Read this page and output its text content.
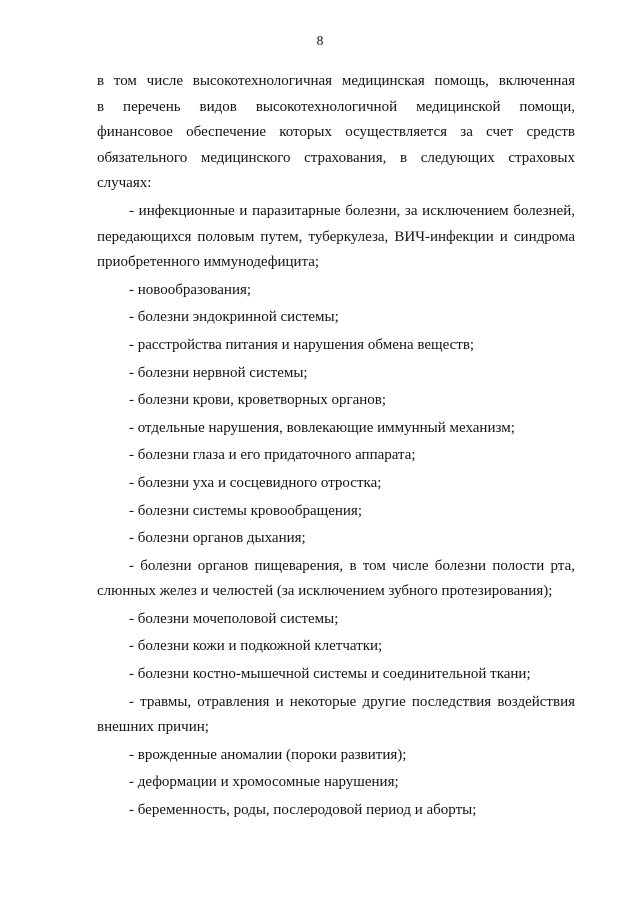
8

в том числе высокотехнологичная медицинская помощь, включенная

в перечень видов высокотехнологичной медицинской помощи,

финансовое обеспечение которых осуществляется за счет средств

обязательного медицинского страхования, в следующих страховых

случаях:

- инфекционные и паразитарные болезни, за исключением болезней, передающихся половым путем, туберкулеза, ВИЧ-инфекции и синдрома приобретенного иммунодефицита;

- новообразования;

- болезни эндокринной системы;

- расстройства питания и нарушения обмена веществ;

- болезни нервной системы;

- болезни крови, кроветворных органов;

- отдельные нарушения, вовлекающие иммунный механизм;

- болезни глаза и его придаточного аппарата;

- болезни уха и сосцевидного отростка;

- болезни системы кровообращения;

- болезни органов дыхания;

- болезни органов пищеварения, в том числе болезни полости рта, слюнных желез и челюстей (за исключением зубного протезирования);

- болезни мочеполовой системы;

- болезни кожи и подкожной клетчатки;

- болезни костно-мышечной системы и соединительной ткани;

- травмы, отравления и некоторые другие последствия воздействия внешних причин;

- врожденные аномалии (пороки развития);

- деформации и хромосомные нарушения;

- беременность, роды, послеродовой период и аборты;
